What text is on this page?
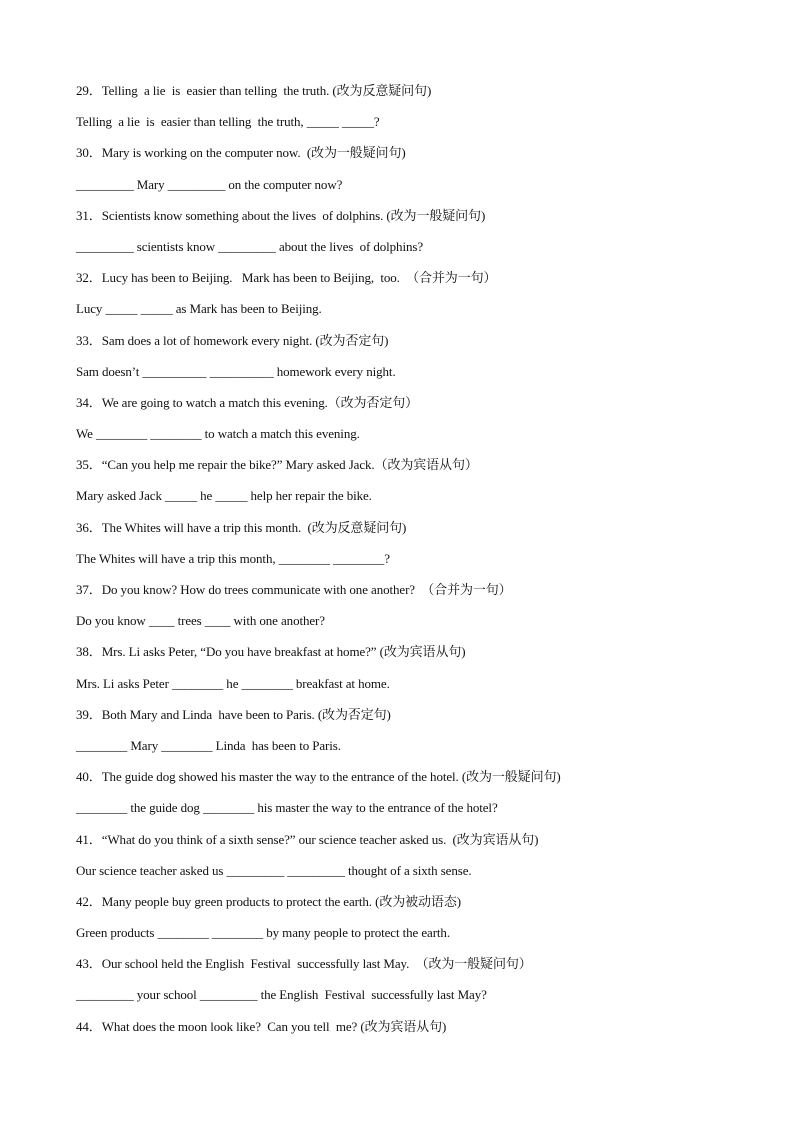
29．Telling  a lie  is  easier than telling  the truth. (改为反意疑问句)
Telling  a lie  is  easier than telling  the truth, _____ _____?
30．Mary is working on the computer now.  (改为一般疑问句)
_________ Mary _________ on the computer now?
31．Scientists know something about the lives  of dolphins. (改为一般疑问句)
_________ scientists know _________ about the lives  of dolphins?
32．Lucy has been to Beijing.   Mark has been to Beijing,  too.  （合并为一句）
Lucy _____ _____ as Mark has been to Beijing.
33．Sam does a lot of homework every night. (改为否定句)
Sam doesn’t __________ __________ homework every night.
34．We are going to watch a match this evening.（改为否定句）
We ________ ________ to watch a match this evening.
35．“Can you help me repair the bike?” Mary asked Jack.（改为宾语从句）
Mary asked Jack _____ he _____ help her repair the bike.
36．The Whites will have a trip this month.  (改为反意疑问句)
The Whites will have a trip this month, ________ ________?
37．Do you know? How do trees communicate with one another?  （合并为一句）
Do you know ____ trees ____ with one another?
38．Mrs. Li asks Peter, “Do you have breakfast at home?” (改为宾语从句)
Mrs. Li asks Peter ________ he ________ breakfast at home.
39．Both Mary and Linda  have been to Paris. (改为否定句)
________ Mary ________ Linda  has been to Paris.
40．The guide dog showed his master the way to the entrance of the hotel. (改为一般疑问句)
________ the guide dog ________ his master the way to the entrance of the hotel?
41．“What do you think of a sixth sense?” our science teacher asked us.  (改为宾语从句)
Our science teacher asked us _________ _________ thought of a sixth sense.
42．Many people buy green products to protect the earth. (改为被动语态)
Green products ________ ________ by many people to protect the earth.
43．Our school held the English  Festival  successfully last May.  （改为一般疑问句）
_________ your school _________ the English  Festival  successfully last May?
44．What does the moon look like?  Can you tell  me? (改为宾语从句)
